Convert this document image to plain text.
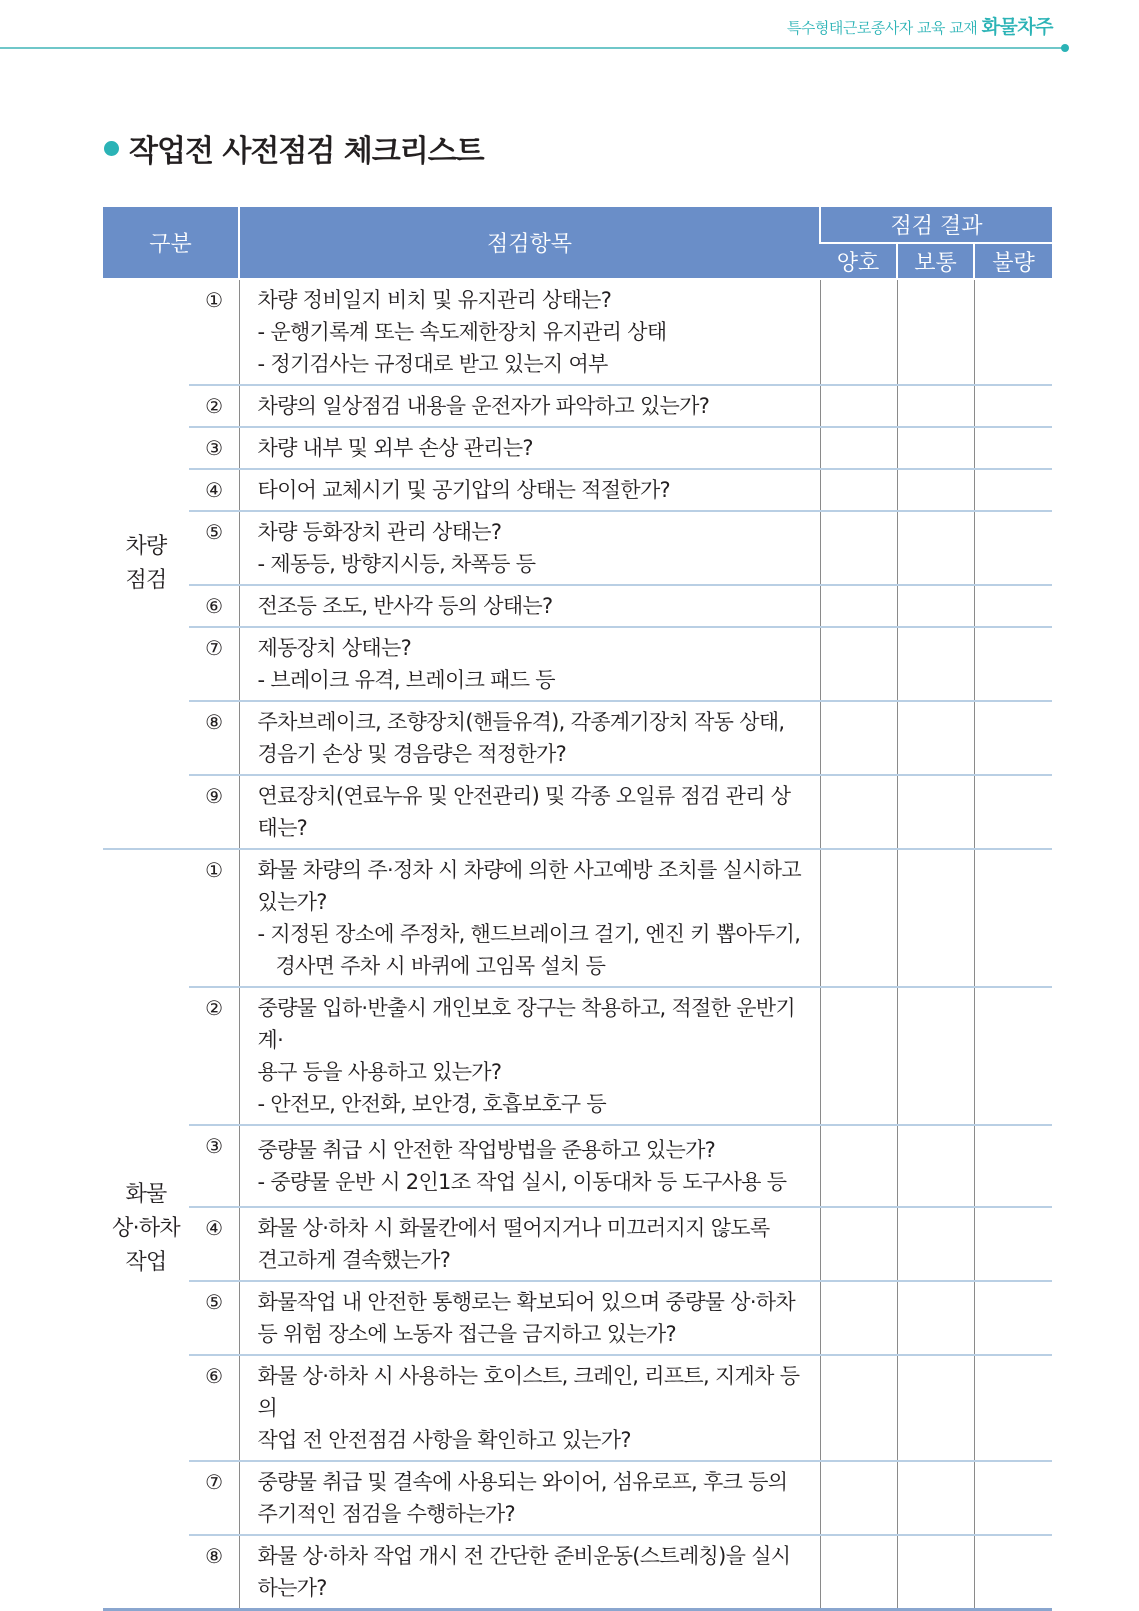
특수형태근로종사자 교육 교재 화물차주
작업전 사전점검 체크리스트
구분		점검항목	점검 결과		
			양호	보통	불량

차량
점검	①	차량 정비일지 비치 및 유지관리 상태는?
- 운행기록계 또는 속도제한장치 유지관리 상태
- 정기검사는 규정대로 받고 있는지 여부			

	②	차량의 일상점검 내용을 운전자가 파악하고 있는가?			

	③	차량 내부 및 외부 손상 관리는?			

	④	타이어 교체시기 및 공기압의 상태는 적절한가?			

	⑤	차량 등화장치 관리 상태는?
- 제동등, 방향지시등, 차폭등 등			

	⑥	전조등 조도, 반사각 등의 상태는?			

	⑦	제동장치 상태는?
- 브레이크 유격, 브레이크 패드 등			

	⑧	주차브레이크, 조향장치(핸들유격), 각종계기장치 작동 상태,
경음기 손상 및 경음량은 적정한가?			

	⑨	연료장치(연료누유 및 안전관리) 및 각종 오일류 점검 관리 상태는?			

화물
상·하차
작업	①	화물 차량의 주·정차 시 차량에 의한 사고예방 조치를 실시하고
있는가?
- 지정된 장소에 주정차, 핸드브레이크 걸기, 엔진 키 뽑아두기,
경사면 주차 시 바퀴에 고임목 설치 등			

	②	중량물 입하·반출시 개인보호 장구는 착용하고, 적절한 운반기계·
용구 등을 사용하고 있는가?
- 안전모, 안전화, 보안경, 호흡보호구 등			

	③	중량물 취급 시 안전한 작업방법을 준용하고 있는가?
- 중량물 운반 시 2인1조 작업 실시, 이동대차 등 도구사용 등			

	④	화물 상·하차 시 화물칸에서 떨어지거나 미끄러지지 않도록
견고하게 결속했는가?			

	⑤	화물작업 내 안전한 통행로는 확보되어 있으며 중량물 상·하차
등 위험 장소에 노동자 접근을 금지하고 있는가?			

	⑥	화물 상·하차 시 사용하는 호이스트, 크레인, 리프트, 지게차 등의
작업 전 안전점검 사항을 확인하고 있는가?			

	⑦	중량물 취급 및 결속에 사용되는 와이어, 섬유로프, 후크 등의
주기적인 점검을 수행하는가?			

	⑧	화물 상·하차 작업 개시 전 간단한 준비운동(스트레칭)을 실시
하는가?			
